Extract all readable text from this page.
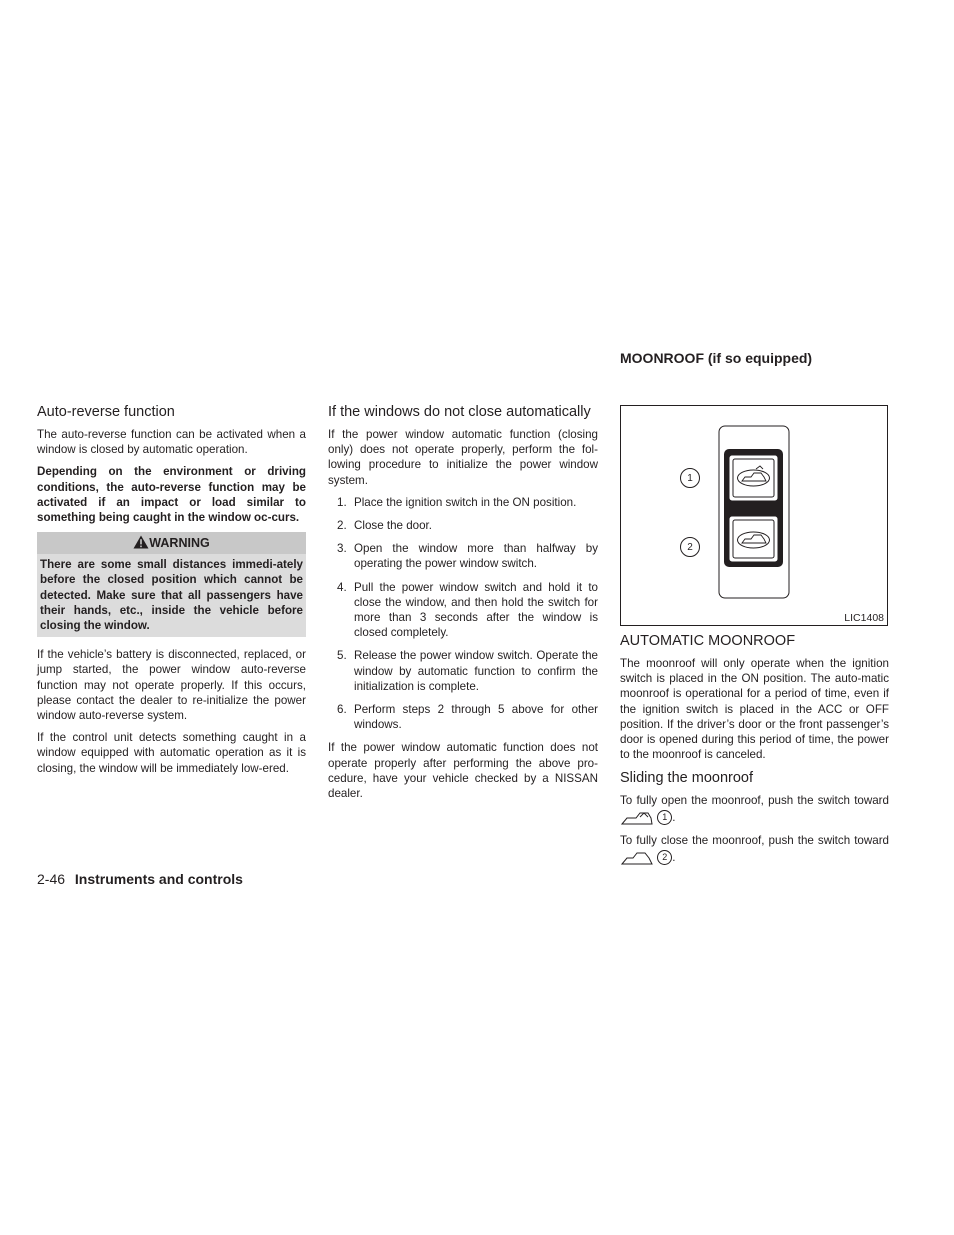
MOONROOF (if so equipped)
Auto-reverse function

The auto-reverse function can be activated when a window is closed by automatic operation.

Depending on the environment or driving conditions, the auto-reverse function may be activated if an impact or load similar to something being caught in the window oc-curs.

WARNING
There are some small distances immedi-ately before the closed position which cannot be detected. Make sure that all passengers have their hands, etc., inside the vehicle before closing the window.

If the vehicle’s battery is disconnected, replaced, or jump started, the power window auto-reverse function may not operate properly. If this occurs, please contact the dealer to re-initialize the power window auto-reverse system.

If the control unit detects something caught in a window equipped with automatic operation as it is closing, the window will be immediately low-ered.

If the windows do not close automatically

If the power window automatic function (closing only) does not operate properly, perform the fol-lowing procedure to initialize the power window system.

1. Place the ignition switch in the ON position.
2. Close the door.
3. Open the window more than halfway by operating the power window switch.
4. Pull the power window switch and hold it to close the window, and then hold the switch for more than 3 seconds after the window is closed completely.
5. Release the power window switch. Operate the window by automatic function to confirm the initialization is complete.
6. Perform steps 2 through 5 above for other windows.

If the power window automatic function does not operate properly after performing the above pro-cedure, have your vehicle checked by a NISSAN dealer.

1
2
LIC1408
AUTOMATIC MOONROOF

The moonroof will only operate when the ignition switch is placed in the ON position. The auto-matic moonroof is operational for a period of time, even if the ignition switch is placed in the ACC or OFF position. If the driver’s door or the front passenger’s door is opened during this period of time, the power to the moonroof is canceled.

Sliding the moonroof

To fully open the moonroof, push the switch toward  1 .

To fully close the moonroof, push the switch toward  2 .

2-46 Instruments and controls
